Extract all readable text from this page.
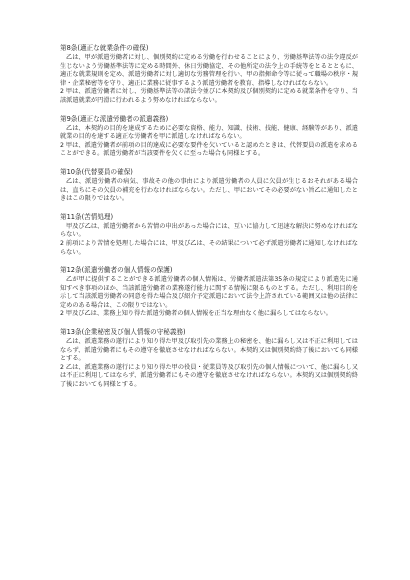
第8条(適正な就業条件の確保)

乙は、甲が派遣労働者に対し、個別契約に定める労働を行わせることにより、労働基準法等の法令違反が生じないよう労働基準法等に定める時間外、休日労働協定、その他所定の法令上の手続等をとるとともに、適正な就業規則を定め、派遣労働者に対し適切な労務管理を行い、甲の指揮命令等に従って職場の秩序・規律・企業秘密等を守り、適正に業務に従事するよう派遣労働者を教育、指導しなければならない。

2 甲は、派遣労働者に対し、労働基準法等の諸法令並びに本契約及び個別契約に定める就業条件を守り、当該派遣就業が円滑に行われるよう努めなければならない。

第9条(適正な派遣労働者の派遣義務)

乙は、本契約の目的を達成するために必要な資格、能力、知識、技術、技能、健康、経験等があり、派遣就業の目的を達する適正な労働者を甲に派遣しなければならない。

2 甲は、派遣労働者が前項の目的達成に必要な要件を欠いていると認めたときは、代替要員の派遣を求めることができる。派遣労働者が当該要件を欠くに至った場合も同様とする。

第10条(代替要員の確保)

乙は、派遣労働者の病気、事故その他の事由により派遣労働者の人員に欠員が生じるおそれがある場合は、直ちにその欠員の補充を行わなければならない。ただし、甲においてその必要がない旨乙に通知したときはこの限りではない。

第11条(苦情処理)

甲及び乙は、派遣労働者から苦情の申出があった場合には、互いに協力して迅速な解決に努めなければならない。

2 前項により苦情を処理した場合には、甲及び乙は、その結果について必ず派遣労働者に通知しなければならない。

第12条(派遣労働者の個人情報の保護)

乙が甲に提供することができる派遣労働者の個人情報は、労働者派遣法第35条の規定により派遣先に通知すべき事項のほか、当該派遣労働者の業務遂行能力に関する情報に限るものとする。ただし、利用目的を示して当該派遣労働者の同意を得た場合及び紹介予定派遣において法令上許されている範囲又は他の法律に定めのある場合は、この限りではない。

2 甲及び乙は、業務上知り得た派遣労働者の個人情報を正当な理由なく他に漏らしてはならない。

第13条(企業秘密及び個人情報の守秘義務)

乙は、派遣業務の遂行により知り得た甲及び取引先の業務上の秘密を、他に漏らし又は不正に利用してはならず、派遣労働者にもその遵守を徹底させなければならない。本契約又は個別契約終了後においても同様とする。

2 乙は、派遣業務の遂行により知り得た甲の役員・従業員等及び取引先の個人情報について、他に漏らし又は不正に利用してはならず、派遣労働者にもその遵守を徹底させなければならない。本契約又は個別契約終了後においても同様とする。
